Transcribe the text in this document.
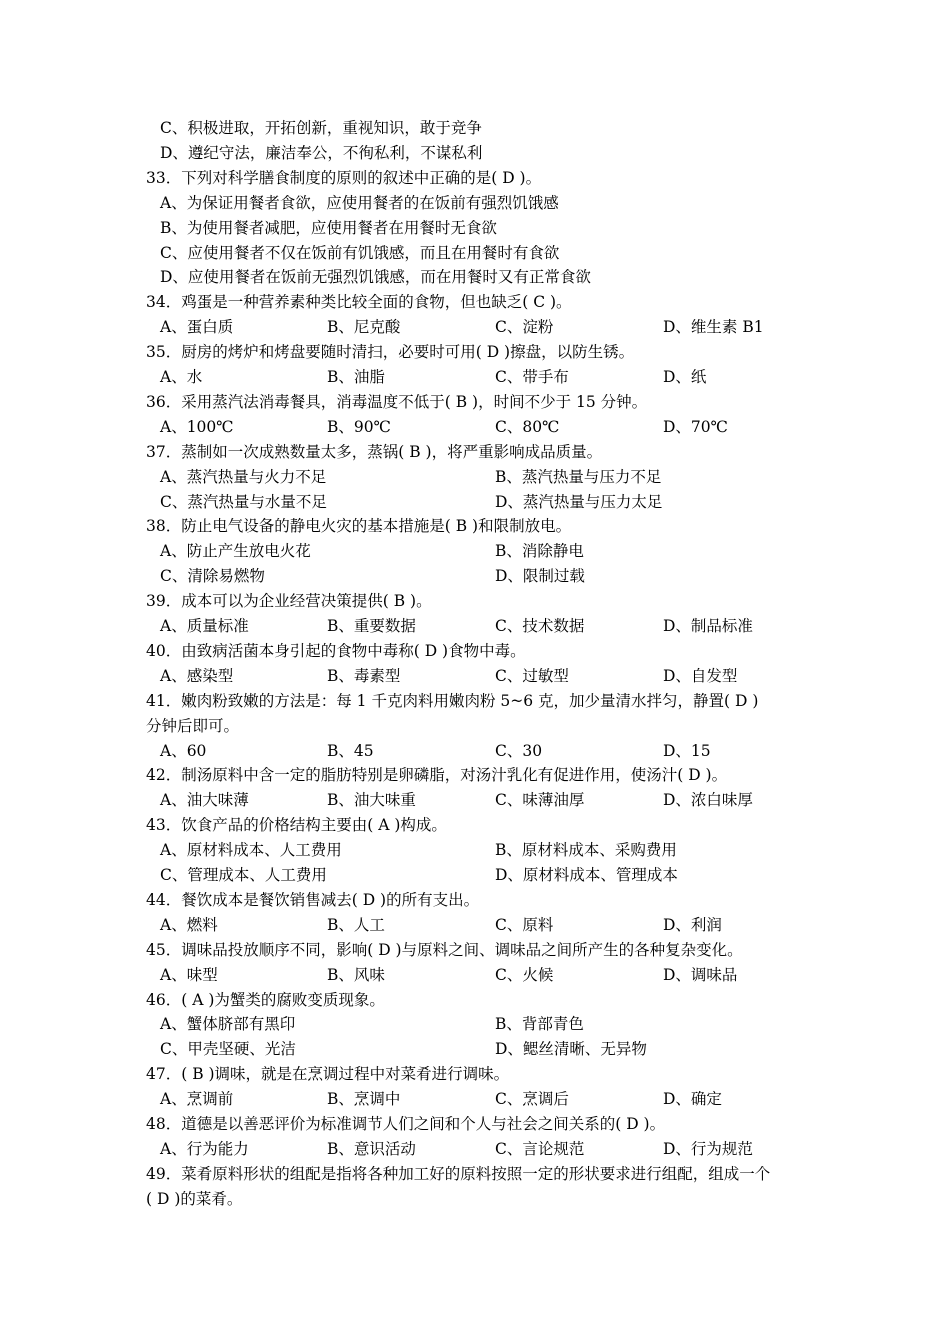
C、积极进取，开拓创新，重视知识，敢于竞争
D、遵纪守法，廉洁奉公，不徇私利，不谋私利
33．下列对科学膳食制度的原则的叙述中正确的是( D )。
A、为保证用餐者食欲，应使用餐者的在饭前有强烈饥饿感
B、为使用餐者减肥，应使用餐者在用餐时无食欲
C、应使用餐者不仅在饭前有饥饿感，而且在用餐时有食欲
D、应使用餐者在饭前无强烈饥饿感，而在用餐时又有正常食欲
34．鸡蛋是一种营养素种类比较全面的食物，但也缺乏( C )。
A、蛋白质	B、尼克酸	C、淀粉	D、维生素 B1
35．厨房的烤炉和烤盘要随时清扫，必要时可用( D )擦盘，以防生锈。
A、水	B、油脂	C、带手布	D、纸
36．采用蒸汽法消毒餐具，消毒温度不低于( B )，时间不少于 15 分钟。
A、100℃	B、90℃	C、80℃	D、70℃
37．蒸制如一次成熟数量太多，蒸锅( B )，将严重影响成品质量。
A、蒸汽热量与火力不足	B、蒸汽热量与压力不足
C、蒸汽热量与水量不足	D、蒸汽热量与压力太足
38．防止电气设备的静电火灾的基本措施是( B )和限制放电。
A、防止产生放电火花	B、消除静电
C、清除易燃物	D、限制过载
39．成本可以为企业经营决策提供( B )。
A、质量标准	B、重要数据	C、技术数据	D、制品标准
40．由致病活菌本身引起的食物中毒称( D )食物中毒。
A、感染型	B、毒素型	C、过敏型	D、自发型
41．嫩肉粉致嫩的方法是：每 1 千克肉料用嫩肉粉 5~6 克，加少量清水拌匀，静置( D )
分钟后即可。
A、60	B、45	C、30	D、15
42．制汤原料中含一定的脂肪特别是卵磷脂，对汤汁乳化有促进作用，使汤汁( D )。
A、油大味薄	B、油大味重	C、味薄油厚	D、浓白味厚
43．饮食产品的价格结构主要由( A )构成。
A、原材料成本、人工费用	B、原材料成本、采购费用
C、管理成本、人工费用	D、原材料成本、管理成本
44．餐饮成本是餐饮销售减去( D )的所有支出。
A、燃料	B、人工	C、原料	D、利润
45．调味品投放顺序不同，影响( D )与原料之间、调味品之间所产生的各种复杂变化。
A、味型	B、风味	C、火候	D、调味品
46．( A )为蟹类的腐败变质现象。
A、蟹体脐部有黑印	B、背部青色
C、甲壳坚硬、光洁	D、鳃丝清晰、无异物
47．( B )调味，就是在烹调过程中对菜肴进行调味。
A、烹调前	B、烹调中	C、烹调后	D、确定
48．道德是以善恶评价为标准调节人们之间和个人与社会之间关系的( D )。
A、行为能力	B、意识活动	C、言论规范	D、行为规范
49．菜肴原料形状的组配是指将各种加工好的原料按照一定的形状要求进行组配，组成一个
( D )的菜肴。
